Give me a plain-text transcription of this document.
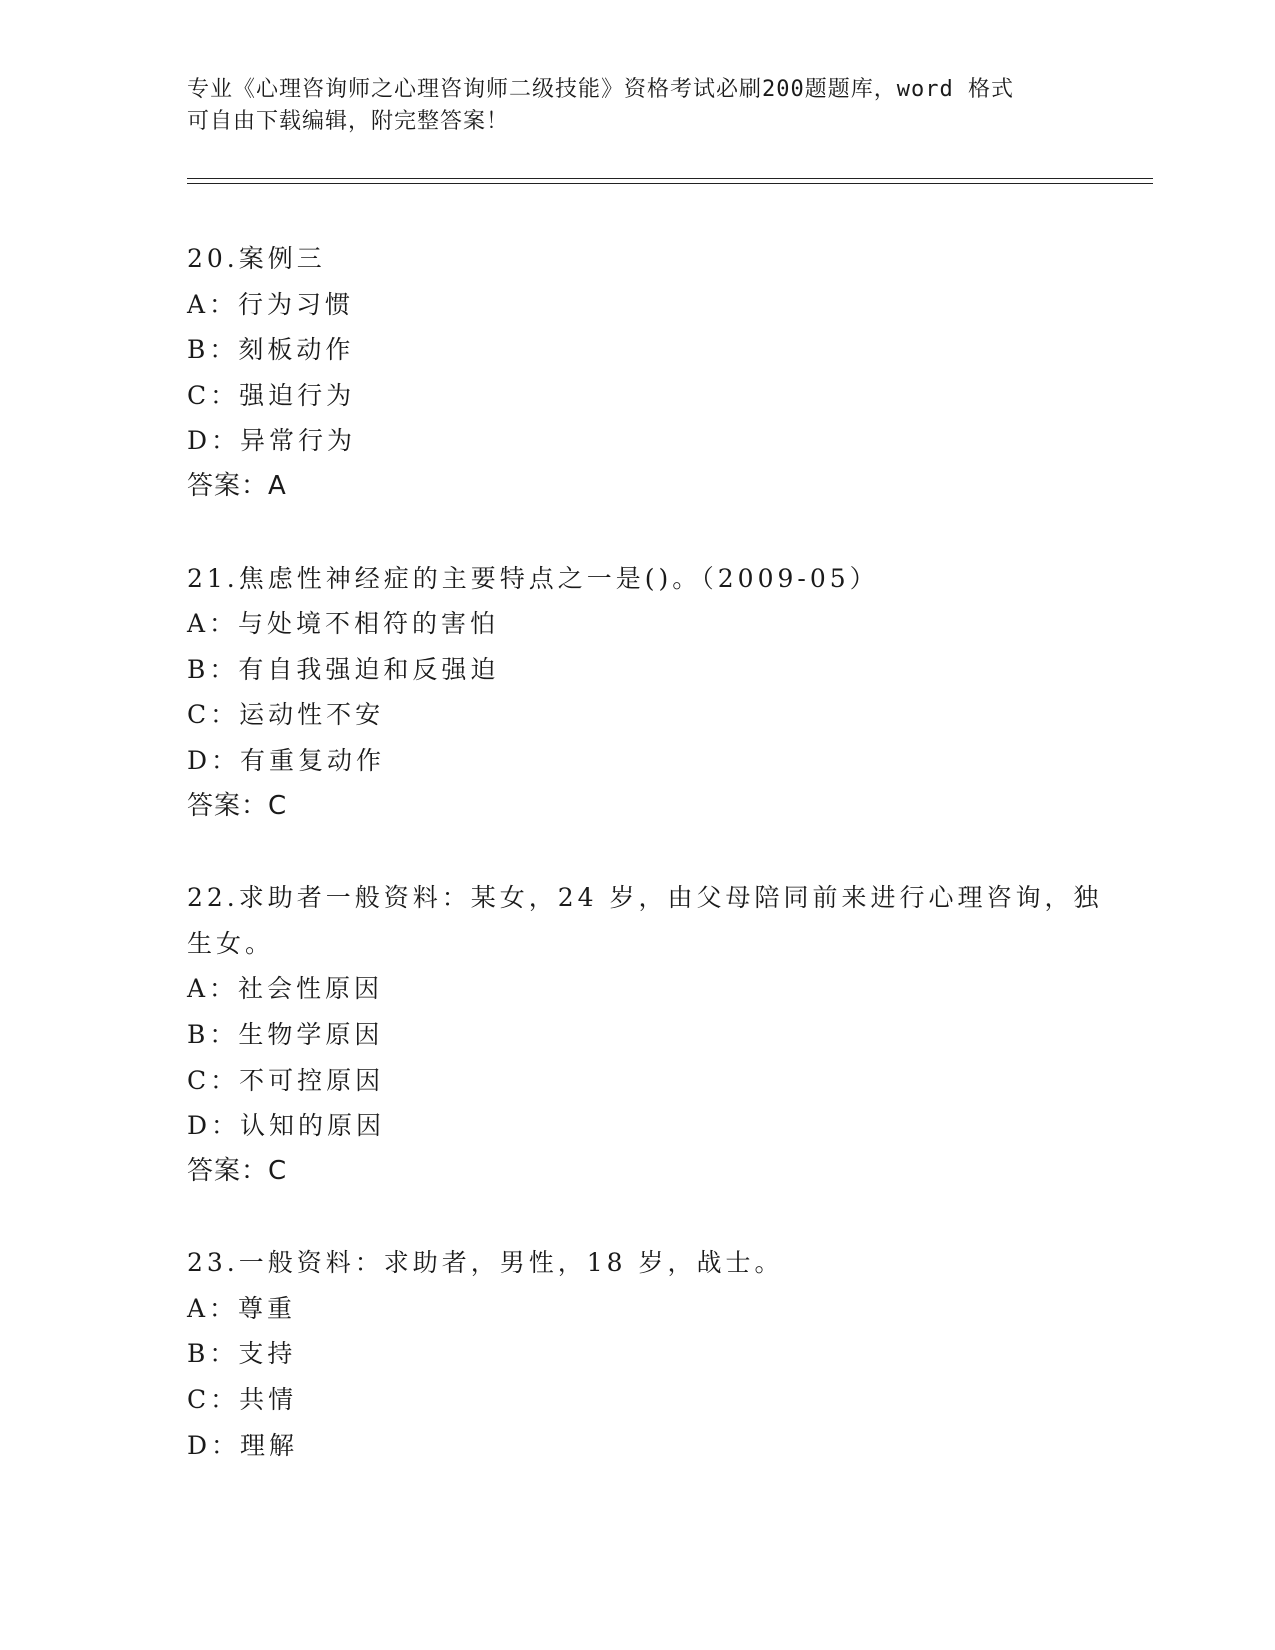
专业《心理咨询师之心理咨询师二级技能》资格考试必刷200题题库，word 格式
可自由下载编辑，附完整答案！
20.案例三
A：行为习惯
B：刻板动作
C：强迫行为
D：异常行为
答案：A
21.焦虑性神经症的主要特点之一是()。（2009-05）
A：与处境不相符的害怕
B：有自我强迫和反强迫
C：运动性不安
D：有重复动作
答案：C
22.求助者一般资料：某女，24 岁，由父母陪同前来进行心理咨询，独
生女。
A：社会性原因
B：生物学原因
C：不可控原因
D：认知的原因
答案：C
23.一般资料：求助者，男性，18 岁，战士。
A：尊重
B：支持
C：共情
D：理解
